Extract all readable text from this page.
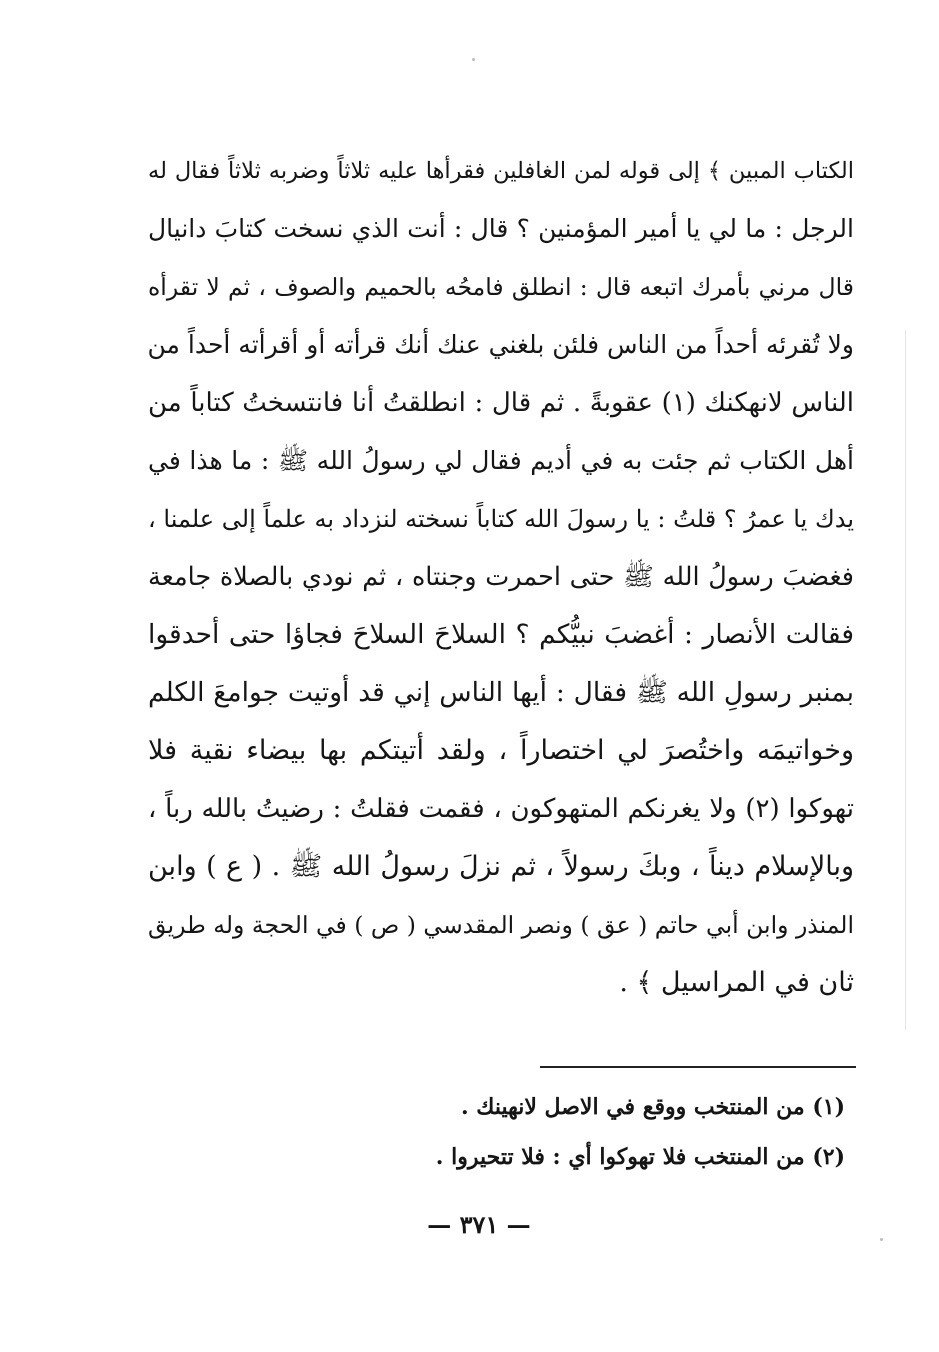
الكتاب المبين ﴾ إلى قوله لمن الغافلين فقرأها عليه ثلاثاً وضربه ثلاثاً فقال له
الرجل : ما لي يا أمير المؤمنين ؟ قال : أنت الذي نسخت كتابَ دانيال
قال مرني بأمرك اتبعه قال : انطلق فامحُه بالحميم والصوف ، ثم لا تقرأه
ولا تُقرئه أحداً من الناس فلئن بلغني عنك أنك قرأته أو أقرأته أحداً من
الناس لانهكنك (١) عقوبةً . ثم قال : انطلقتُ أنا فانتسختُ كتاباً من
أهل الكتاب ثم جئت به في أديم فقال لي رسولُ الله ﷺ : ما هذا في
يدك يا عمرُ ؟ قلتُ : يا رسولَ الله كتاباً نسخته لنزداد به علماً إلى علمنا ،
فغضبَ رسولُ الله ﷺ حتى احمرت وجنتاه ، ثم نودي بالصلاة جامعة
فقالت الأنصار : أغضبَ نبيُّكم ؟ السلاحَ السلاحَ فجاؤا حتى أحدقوا
بمنبر رسولِ الله ﷺ فقال : أيها الناس إني قد أوتيت جوامعَ الكلم
وخواتيمَه واختُصرَ لي اختصاراً ، ولقد أتيتكم بها بيضاء نقية فلا
تهوكوا (٢) ولا يغرنكم المتهوكون ، فقمت فقلتُ : رضيتُ بالله رباً ،
وبالإسلام ديناً ، وبكَ رسولاً ، ثم نزلَ رسولُ الله ﷺ . ( ع ) وابن
المنذر وابن أبي حاتم ( عق ) ونصر المقدسي ( ص ) في الحجة وله طريق
ثان في المراسيل ﴾ .
(١) من المنتخب ووقع في الاصل لانهينك .
(٢) من المنتخب فلا تهوكوا أي : فلا تتحيروا .
— ٣٧١ —
